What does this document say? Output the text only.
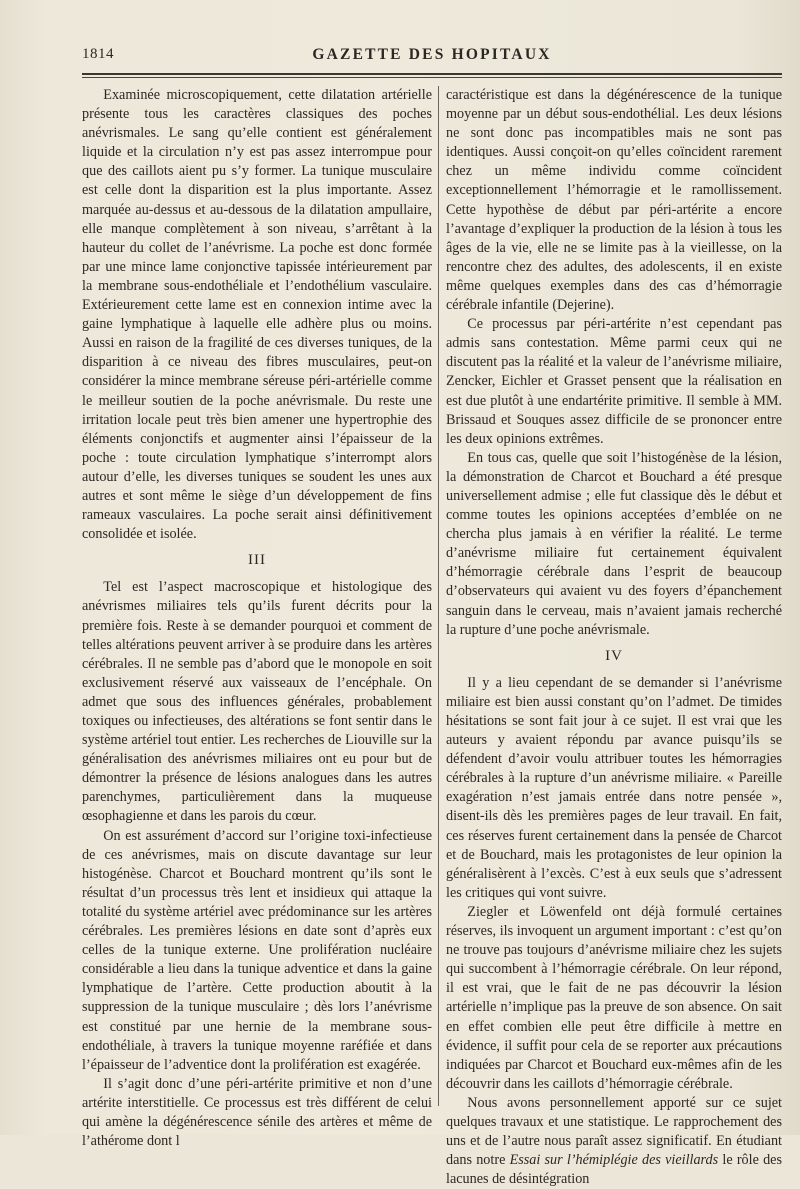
1814	GAZETTE DES HOPITAUX

Examinée microscopiquement, cette dilatation artérielle présente tous les caractères classiques des poches anévrismales. Le sang qu’elle contient est généralement liquide et la circulation n’y est pas assez interrompue pour que des caillots aient pu s’y former. La tunique musculaire est celle dont la disparition est la plus importante. Assez marquée au-dessus et au-dessous de la dilatation ampullaire, elle manque complètement à son niveau, s’arrêtant à la hauteur du collet de l’anévrisme. La poche est donc formée par une mince lame conjonctive tapissée intérieurement par la membrane sous-endothéliale et l’endothélium vasculaire. Extérieurement cette lame est en connexion intime avec la gaine lymphatique à laquelle elle adhère plus ou moins. Aussi en raison de la fragilité de ces diverses tuniques, de la disparition à ce niveau des fibres musculaires, peut-on considérer la mince membrane séreuse péri-artérielle comme le meilleur soutien de la poche anévrismale. Du reste une irritation locale peut très bien amener une hypertrophie des éléments conjonctifs et augmenter ainsi l’épaisseur de la poche : toute circulation lymphatique s’interrompt alors autour d’elle, les diverses tuniques se soudent les unes aux autres et sont même le siège d’un développement de fins rameaux vasculaires. La poche serait ainsi définitivement consolidée et isolée.

III

Tel est l’aspect macroscopique et histologique des anévrismes miliaires tels qu’ils furent décrits pour la première fois. Reste à se demander pourquoi et comment de telles altérations peuvent arriver à se produire dans les artères cérébrales. Il ne semble pas d’abord que le monopole en soit exclusivement réservé aux vaisseaux de l’encéphale. On admet que sous des influences générales, probablement toxiques ou infectieuses, des altérations se font sentir dans le système artériel tout entier. Les recherches de Liouville sur la généralisation des anévrismes miliaires ont eu pour but de démontrer la présence de lésions analogues dans les autres parenchymes, particulièrement dans la muqueuse œsophagienne et dans les parois du cœur.

On est assurément d’accord sur l’origine toxi-infectieuse de ces anévrismes, mais on discute davantage sur leur histogénèse. Charcot et Bouchard montrent qu’ils sont le résultat d’un processus très lent et insidieux qui attaque la totalité du système artériel avec prédominance sur les artères cérébrales. Les premières lésions en date sont d’après eux celles de la tunique externe. Une prolifération nucléaire considérable a lieu dans la tunique adventice et dans la gaine lymphatique de l’artère. Cette production aboutit à la suppression de la tunique musculaire ; dès lors l’anévrisme est constitué par une hernie de la membrane sous-endothéliale, à travers la tunique moyenne raréfiée et dans l’épaisseur de l’adventice dont la prolifération est exagérée.

Il s’agit donc d’une péri-artérite primitive et non d’une artérite interstitielle. Ce processus est très différent de celui qui amène la dégénérescence sénile des artères et même de l’athérome dont l

caractéristique est dans la dégénérescence de la tunique moyenne par un début sous-endothélial. Les deux lésions ne sont donc pas incompatibles mais ne sont pas identiques. Aussi conçoit-on qu’elles coïncident rarement chez un même individu comme coïncident exceptionnellement l’hémorragie et le ramollissement. Cette hypothèse de début par péri-artérite a encore l’avantage d’expliquer la production de la lésion à tous les âges de la vie, elle ne se limite pas à la vieillesse, on la rencontre chez des adultes, des adolescents, il en existe même quelques exemples dans des cas d’hémorragie cérébrale infantile (Dejerine).

Ce processus par péri-artérite n’est cependant pas admis sans contestation. Même parmi ceux qui ne discutent pas la réalité et la valeur de l’anévrisme miliaire, Zencker, Eichler et Grasset pensent que la réalisation en est due plutôt à une endartérite primitive. Il semble à MM. Brissaud et Souques assez difficile de se prononcer entre les deux opinions extrêmes.

En tous cas, quelle que soit l’histogénèse de la lésion, la démonstration de Charcot et Bouchard a été presque universellement admise ; elle fut classique dès le début et comme toutes les opinions acceptées d’emblée on ne chercha plus jamais à en vérifier la réalité. Le terme d’anévrisme miliaire fut certainement équivalent d’hémorragie cérébrale dans l’esprit de beaucoup d’observateurs qui avaient vu des foyers d’épanchement sanguin dans le cerveau, mais n’avaient jamais recherché la rupture d’une poche anévrismale.

IV

Il y a lieu cependant de se demander si l’anévrisme miliaire est bien aussi constant qu’on l’admet. De timides hésitations se sont fait jour à ce sujet. Il est vrai que les auteurs y avaient répondu par avance puisqu’ils se défendent d’avoir voulu attribuer toutes les hémorragies cérébrales à la rupture d’un anévrisme miliaire. « Pareille exagération n’est jamais entrée dans notre pensée », disent-ils dès les premières pages de leur travail. En fait, ces réserves furent certainement dans la pensée de Charcot et de Bouchard, mais les protagonistes de leur opinion la généralisèrent à l’excès. C’est à eux seuls que s’adressent les critiques qui vont suivre.

Ziegler et Löwenfeld ont déjà formulé certaines réserves, ils invoquent un argument important : c’est qu’on ne trouve pas toujours d’anévrisme miliaire chez les sujets qui succombent à l’hémorragie cérébrale. On leur répond, il est vrai, que le fait de ne pas découvrir la lésion artérielle n’implique pas la preuve de son absence. On sait en effet combien elle peut être difficile à mettre en évidence, il suffit pour cela de se reporter aux précautions indiquées par Charcot et Bouchard eux-mêmes afin de les découvrir dans les caillots d’hémorragie cérébrale.

Nous avons personnellement apporté sur ce sujet quelques travaux et une statistique. Le rapprochement des uns et de l’autre nous paraît assez significatif. En étudiant dans notre Essai sur l’hémiplégie des vieillards le rôle des lacunes de désintégration
